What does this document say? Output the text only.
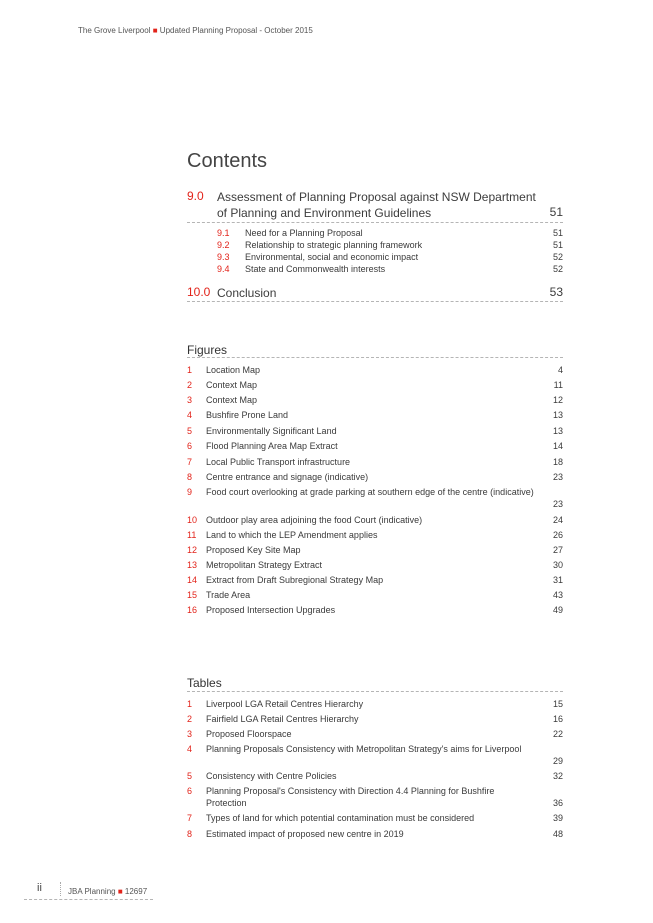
The Grove Liverpool ■ Updated Planning Proposal - October 2015
Contents
9.0 Assessment of Planning Proposal against NSW Department of Planning and Environment Guidelines	51
9.1 Need for a Planning Proposal	51
9.2 Relationship to strategic planning framework	51
9.3 Environmental, social and economic impact	52
9.4 State and Commonwealth interests	52
10.0 Conclusion	53
Figures
1 Location Map	4
2 Context Map	11
3 Context Map	12
4 Bushfire Prone Land	13
5 Environmentally Significant Land	13
6 Flood Planning Area Map Extract	14
7 Local Public Transport infrastructure	18
8 Centre entrance and signage (indicative)	23
9 Food court overlooking at grade parking at southern edge of the centre (indicative)
23
10 Outdoor play area adjoining the food Court (indicative)	24
11 Land to which the LEP Amendment applies	26
12 Proposed Key Site Map	27
13 Metropolitan Strategy Extract	30
14 Extract from Draft Subregional Strategy Map	31
15 Trade Area	43
16 Proposed Intersection Upgrades	49
Tables
1 Liverpool LGA Retail Centres Hierarchy	15
2 Fairfield LGA Retail Centres Hierarchy	16
3 Proposed Floorspace	22
4 Planning Proposals Consistency with Metropolitan Strategy's aims for Liverpool
29
5 Consistency with Centre Policies	32
6 Planning Proposal's Consistency with Direction 4.4 Planning for Bushfire Protection	36
7 Types of land for which potential contamination must be considered	39
8 Estimated impact of proposed new centre in 2019	48
ii	JBA Planning ■ 12697
